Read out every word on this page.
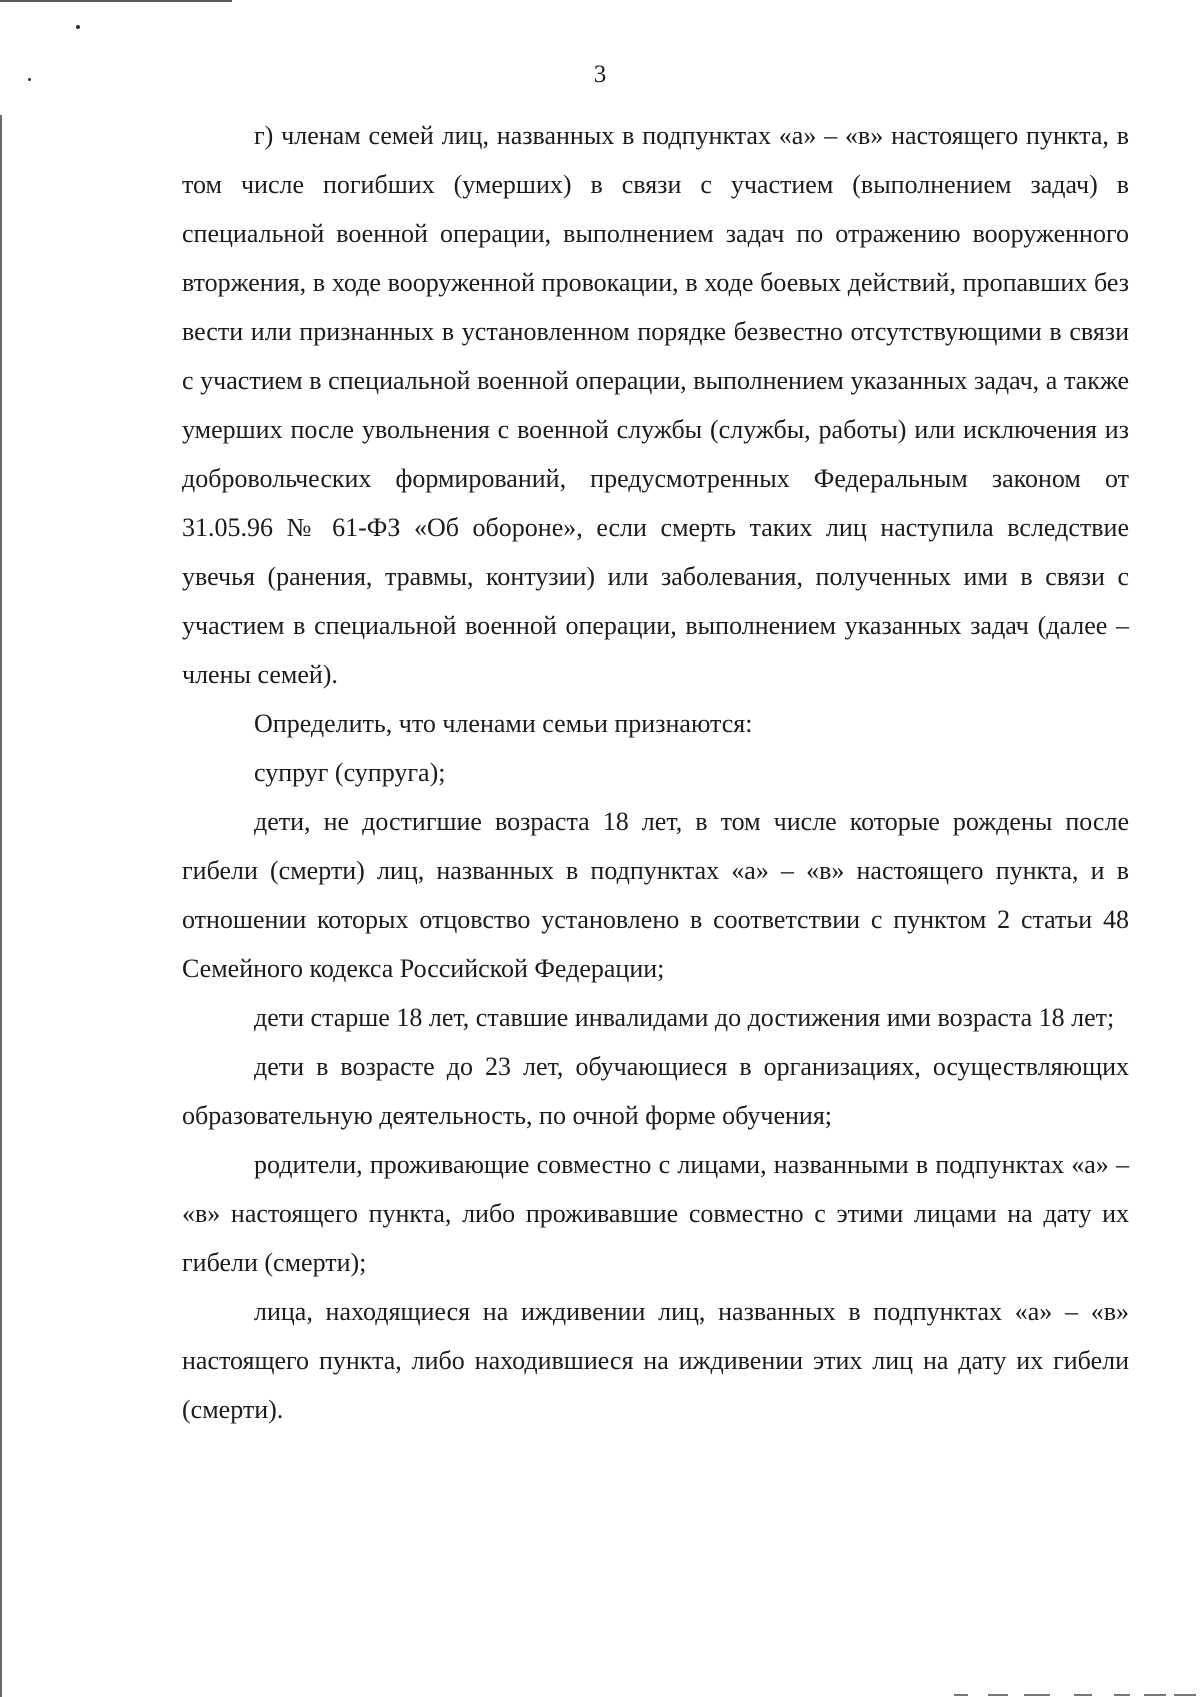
3

г) членам семей лиц, названных в подпунктах «а» – «в» настоящего пункта, в том числе погибших (умерших) в связи с участием (выполнением задач) в специальной военной операции, выполнением задач по отражению вооруженного вторжения, в ходе вооруженной провокации, в ходе боевых действий, пропавших без вести или признанных в установленном порядке безвестно отсутствующими в связи с участием в специальной военной операции, выполнением указанных задач, а также умерших после увольнения с военной службы (службы, работы) или исключения из добровольческих формирований, предусмотренных Федеральным законом от 31.05.96 № 61-ФЗ «Об обороне», если смерть таких лиц наступила вследствие увечья (ранения, травмы, контузии) или заболевания, полученных ими в связи с участием в специальной военной операции, выполнением указанных задач (далее – члены семей).

Определить, что членами семьи признаются:

супруг (супруга);

дети, не достигшие возраста 18 лет, в том числе которые рождены после гибели (смерти) лиц, названных в подпунктах «а» – «в» настоящего пункта, и в отношении которых отцовство установлено в соответствии с пунктом 2 статьи 48 Семейного кодекса Российской Федерации;

дети старше 18 лет, ставшие инвалидами до достижения ими возраста 18 лет;

дети в возрасте до 23 лет, обучающиеся в организациях, осуществляющих образовательную деятельность, по очной форме обучения;

родители, проживающие совместно с лицами, названными в подпунктах «а» – «в» настоящего пункта, либо проживавшие совместно с этими лицами на дату их гибели (смерти);

лица, находящиеся на иждивении лиц, названных в подпунктах «а» – «в» настоящего пункта, либо находившиеся на иждивении этих лиц на дату их гибели (смерти).
